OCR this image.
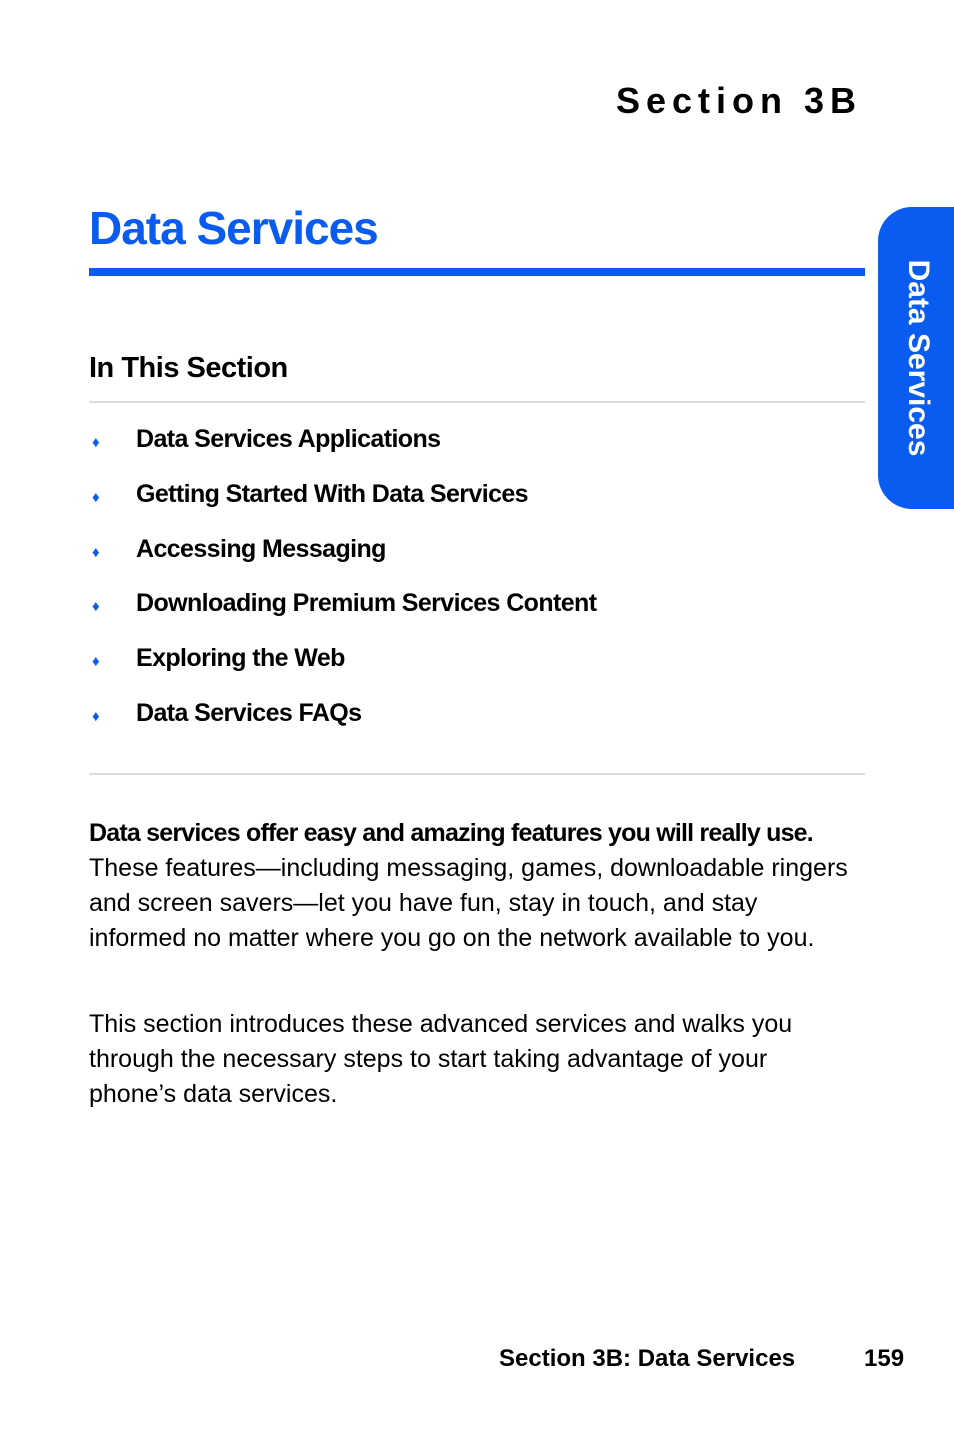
Section 3B
Data Services
Data Services
In This Section
♦	Data Services Applications
♦	Getting Started With Data Services
♦	Accessing Messaging
♦	Downloading Premium Services Content
♦	Exploring the Web
♦	Data Services FAQs

Data services offer easy and amazing features you will really use.
These features—including messaging, games, downloadable ringers and screen savers—let you have fun, stay in touch, and stay informed no matter where you go on the network available to you.

This section introduces these advanced services and walks you through the necessary steps to start taking advantage of your phone’s data services.

Section 3B: Data Services	159
